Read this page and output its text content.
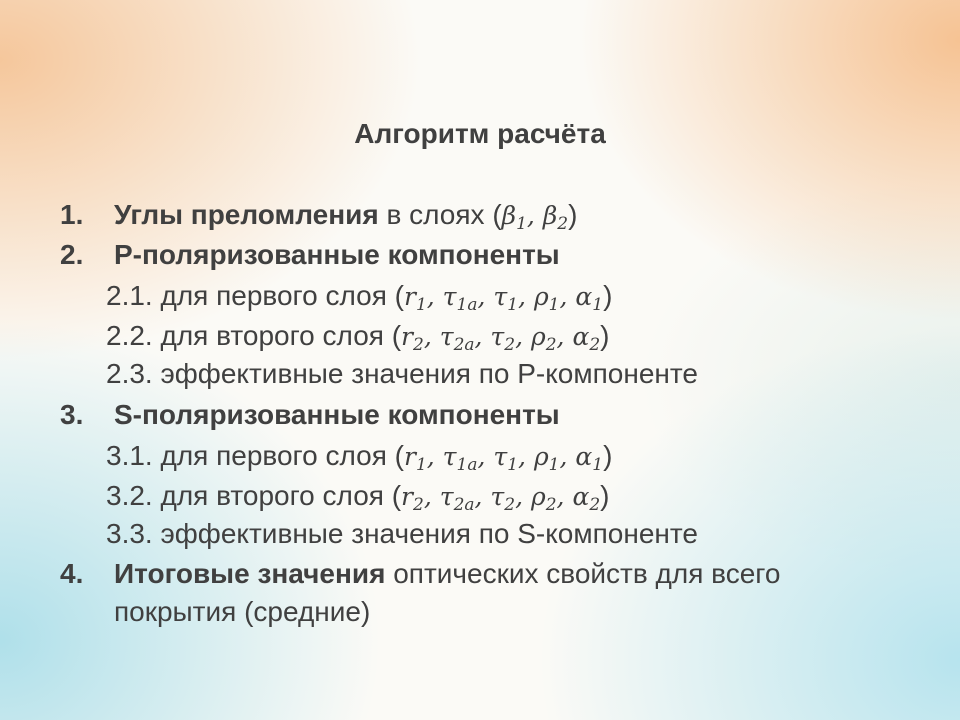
Алгоритм расчёта
1. Углы преломления в слоях ($\beta_1$, $\beta_2$)
2. Р-поляризованные компоненты
2.1. для первого слоя ($r_1$, $\tau_{1a}$, $\tau_1$, $\rho_1$, $\alpha_1$)
2.2. для второго слоя ($r_2$, $\tau_{2a}$, $\tau_2$, $\rho_2$, $\alpha_2$)
2.3. эффективные значения по Р-компоненте
3. S-поляризованные компоненты
3.1. для первого слоя ($r_1$, $\tau_{1a}$, $\tau_1$, $\rho_1$, $\alpha_1$)
3.2. для второго слоя ($r_2$, $\tau_{2a}$, $\tau_2$, $\rho_2$, $\alpha_2$)
3.3. эффективные значения по S-компоненте
4. Итоговые значения оптических свойств для всего
покрытия (средние)
